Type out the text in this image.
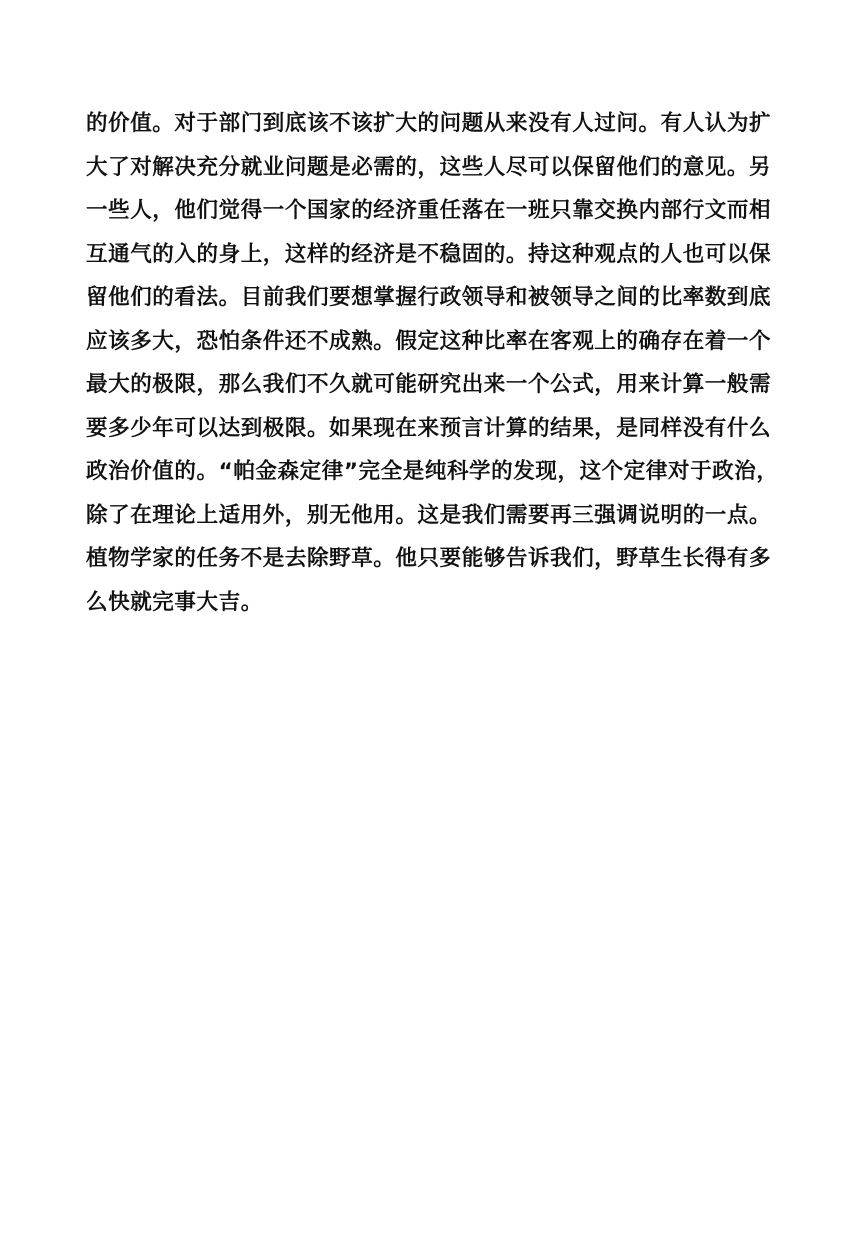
的价值。对于部门到底该不该扩大的问题从来没有人过问。有人认为扩
大了对解决充分就业问题是必需的，这些人尽可以保留他们的意见。另
一些人，他们觉得一个国家的经济重任落在一班只靠交换内部行文而相
互通气的入的身上，这样的经济是不稳固的。持这种观点的人也可以保
留他们的看法。目前我们要想掌握行政领导和被领导之间的比率数到底
应该多大，恐怕条件还不成熟。假定这种比率在客观上的确存在着一个
最大的极限，那么我们不久就可能研究出来一个公式，用来计算一般需
要多少年可以达到极限。如果现在来预言计算的结果，是同样没有什么
政治价值的。“帕金森定律”完全是纯科学的发现，这个定律对于政治，
除了在理论上适用外，别无他用。这是我们需要再三强调说明的一点。
植物学家的任务不是去除野草。他只要能够告诉我们，野草生长得有多
么快就完事大吉。
